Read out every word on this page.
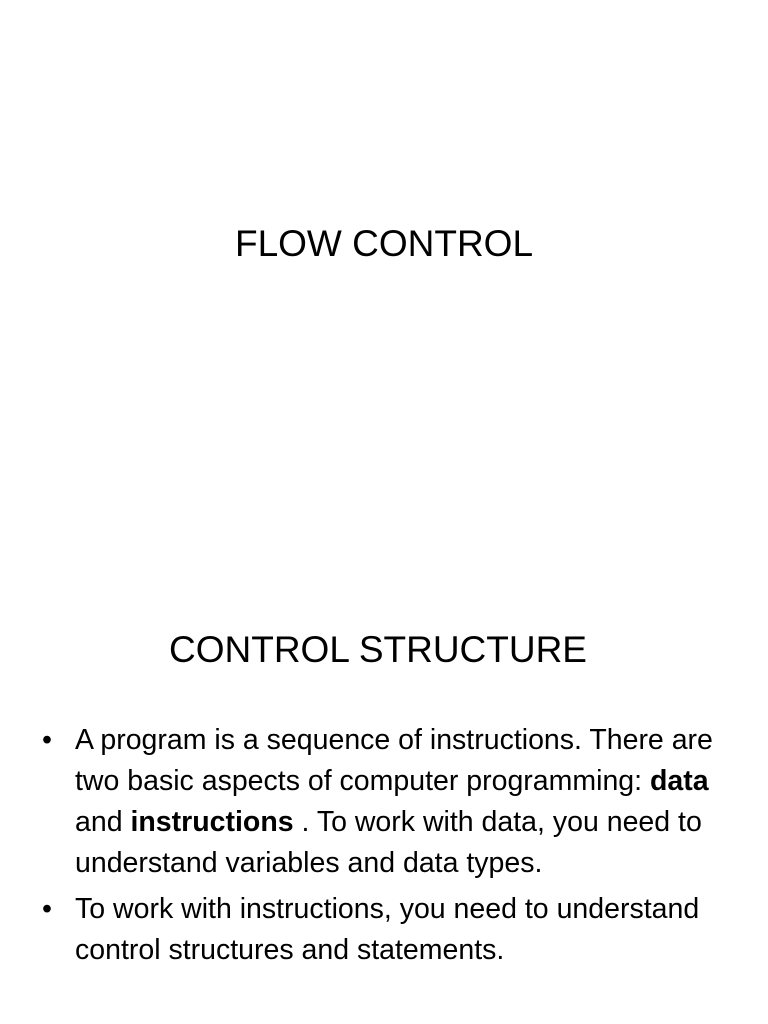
FLOW CONTROL
CONTROL STRUCTURE
• A program is a sequence of instructions. There are two basic aspects of computer programming: data and instructions . To work with data, you need to understand variables and data types.
• To work with instructions, you need to understand control structures and statements.
